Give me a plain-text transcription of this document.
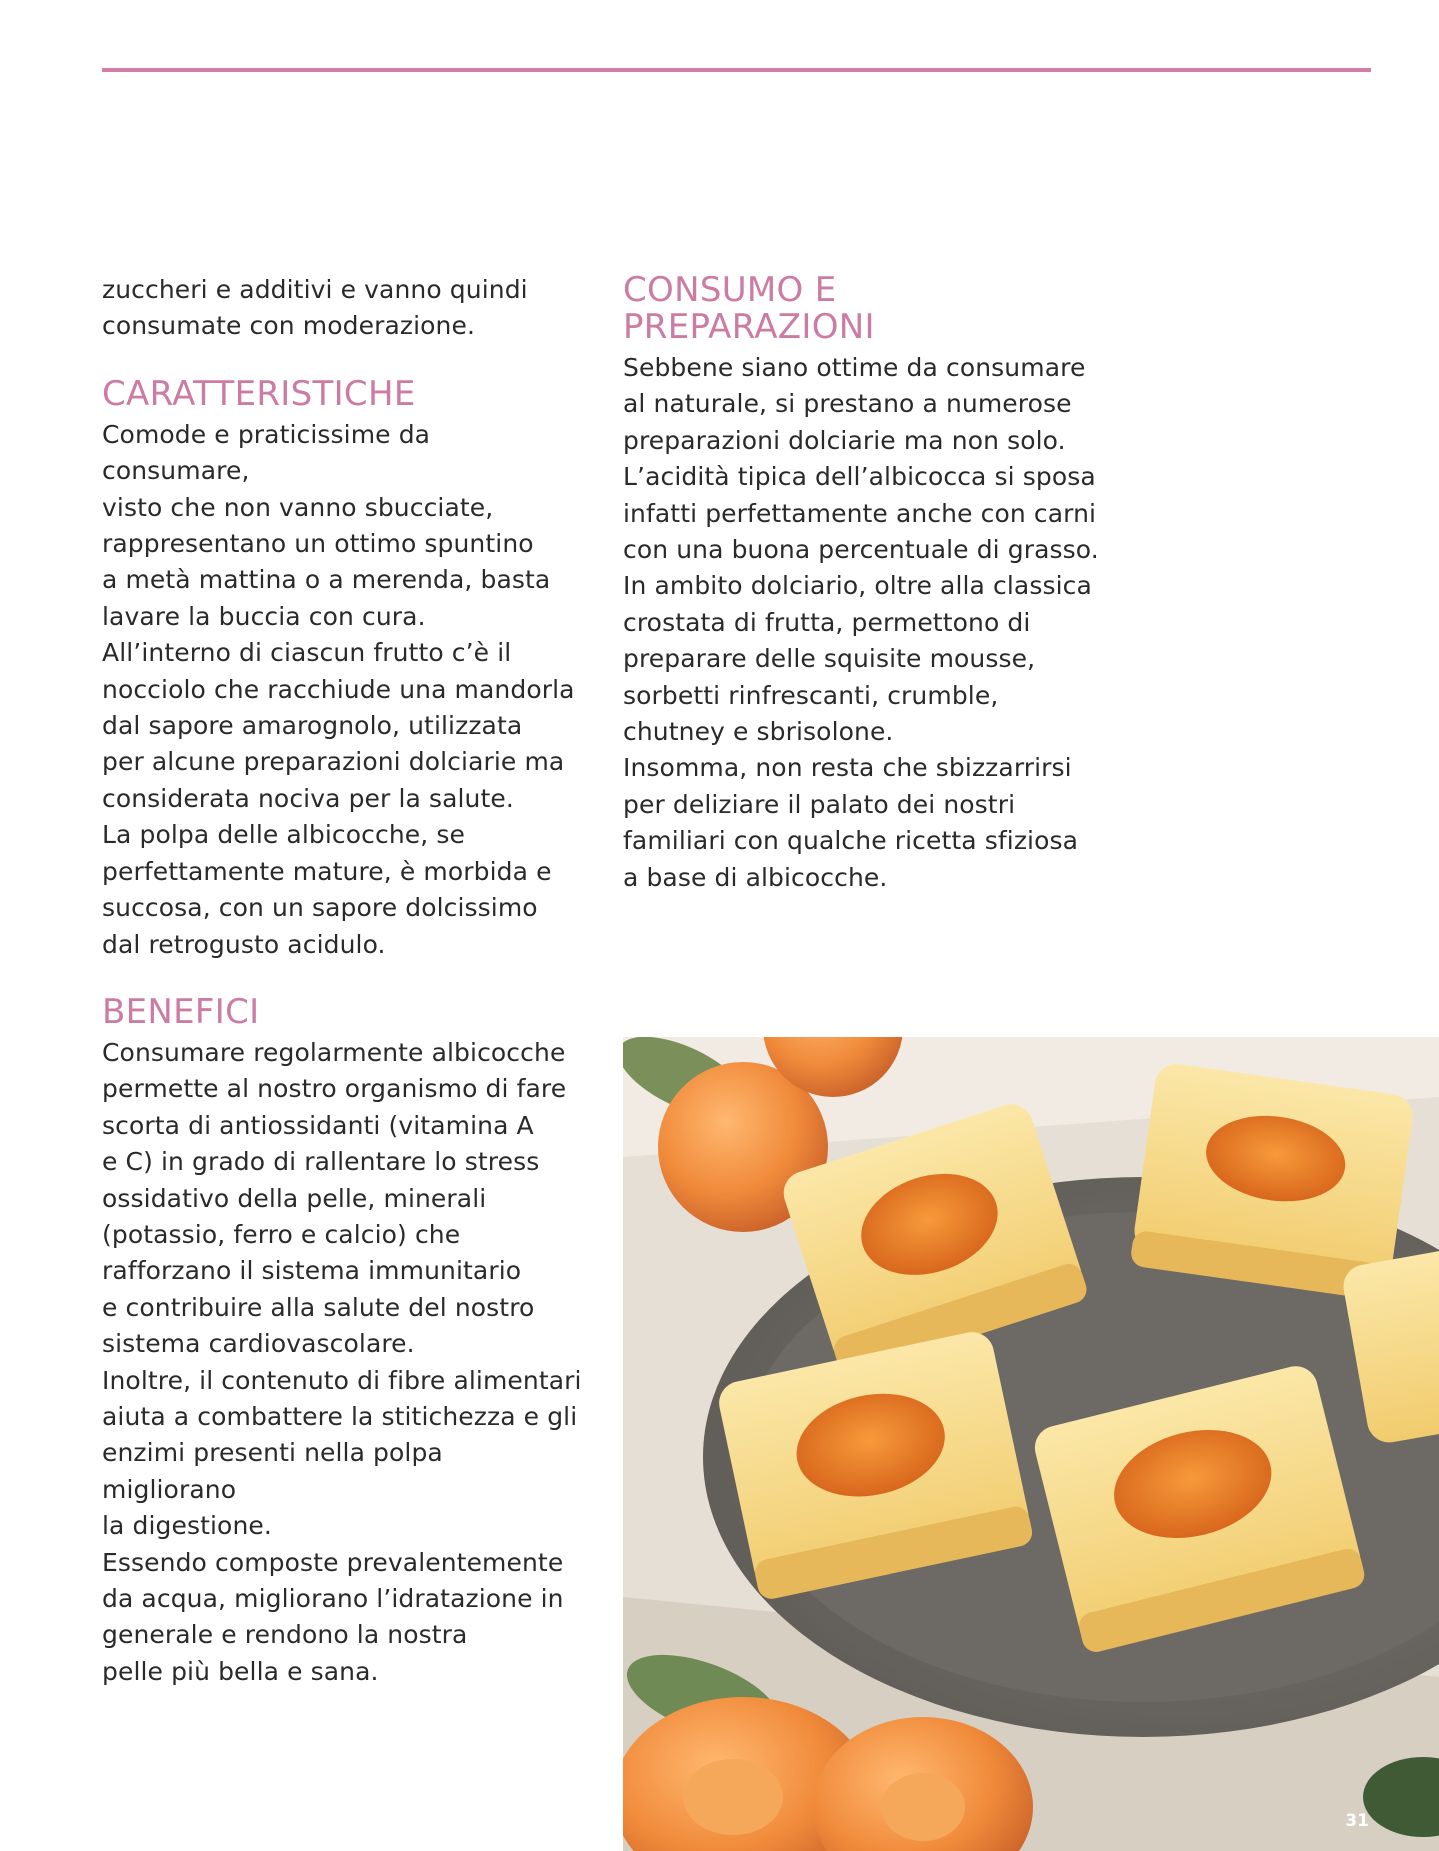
zuccheri e additivi e vanno quindi
consumate con moderazione.

CARATTERISTICHE

Comode e praticissime da consumare,
visto che non vanno sbucciate,
rappresentano un ottimo spuntino
a metà mattina o a merenda, basta
lavare la buccia con cura.
All’interno di ciascun frutto c’è il
nocciolo che racchiude una mandorla
dal sapore amarognolo, utilizzata
per alcune preparazioni dolciarie ma
considerata nociva per la salute.
La polpa delle albicocche, se
perfettamente mature, è morbida e
succosa, con un sapore dolcissimo
dal retrogusto acidulo.

BENEFICI

Consumare regolarmente albicocche
permette al nostro organismo di fare
scorta di antiossidanti (vitamina A
e C) in grado di rallentare lo stress
ossidativo della pelle, minerali
(potassio, ferro e calcio) che
rafforzano il sistema immunitario
e contribuire alla salute del nostro
sistema cardiovascolare.
Inoltre, il contenuto di fibre alimentari
aiuta a combattere la stitichezza e gli
enzimi presenti nella polpa migliorano
la digestione.
Essendo composte prevalentemente
da acqua, migliorano l’idratazione in
generale e rendono la nostra
pelle più bella e sana.

CONSUMO E
PREPARAZIONI

Sebbene siano ottime da consumare
al naturale, si prestano a numerose
preparazioni dolciarie ma non solo.
L’acidità tipica dell’albicocca si sposa
infatti perfettamente anche con carni
con una buona percentuale di grasso.
In ambito dolciario, oltre alla classica
crostata di frutta, permettono di
preparare delle squisite mousse,
sorbetti rinfrescanti, crumble,
chutney e sbrisolone.
Insomma, non resta che sbizzarrirsi
per deliziare il palato dei nostri
familiari con qualche ricetta sfiziosa
a base di albicocche.

31
